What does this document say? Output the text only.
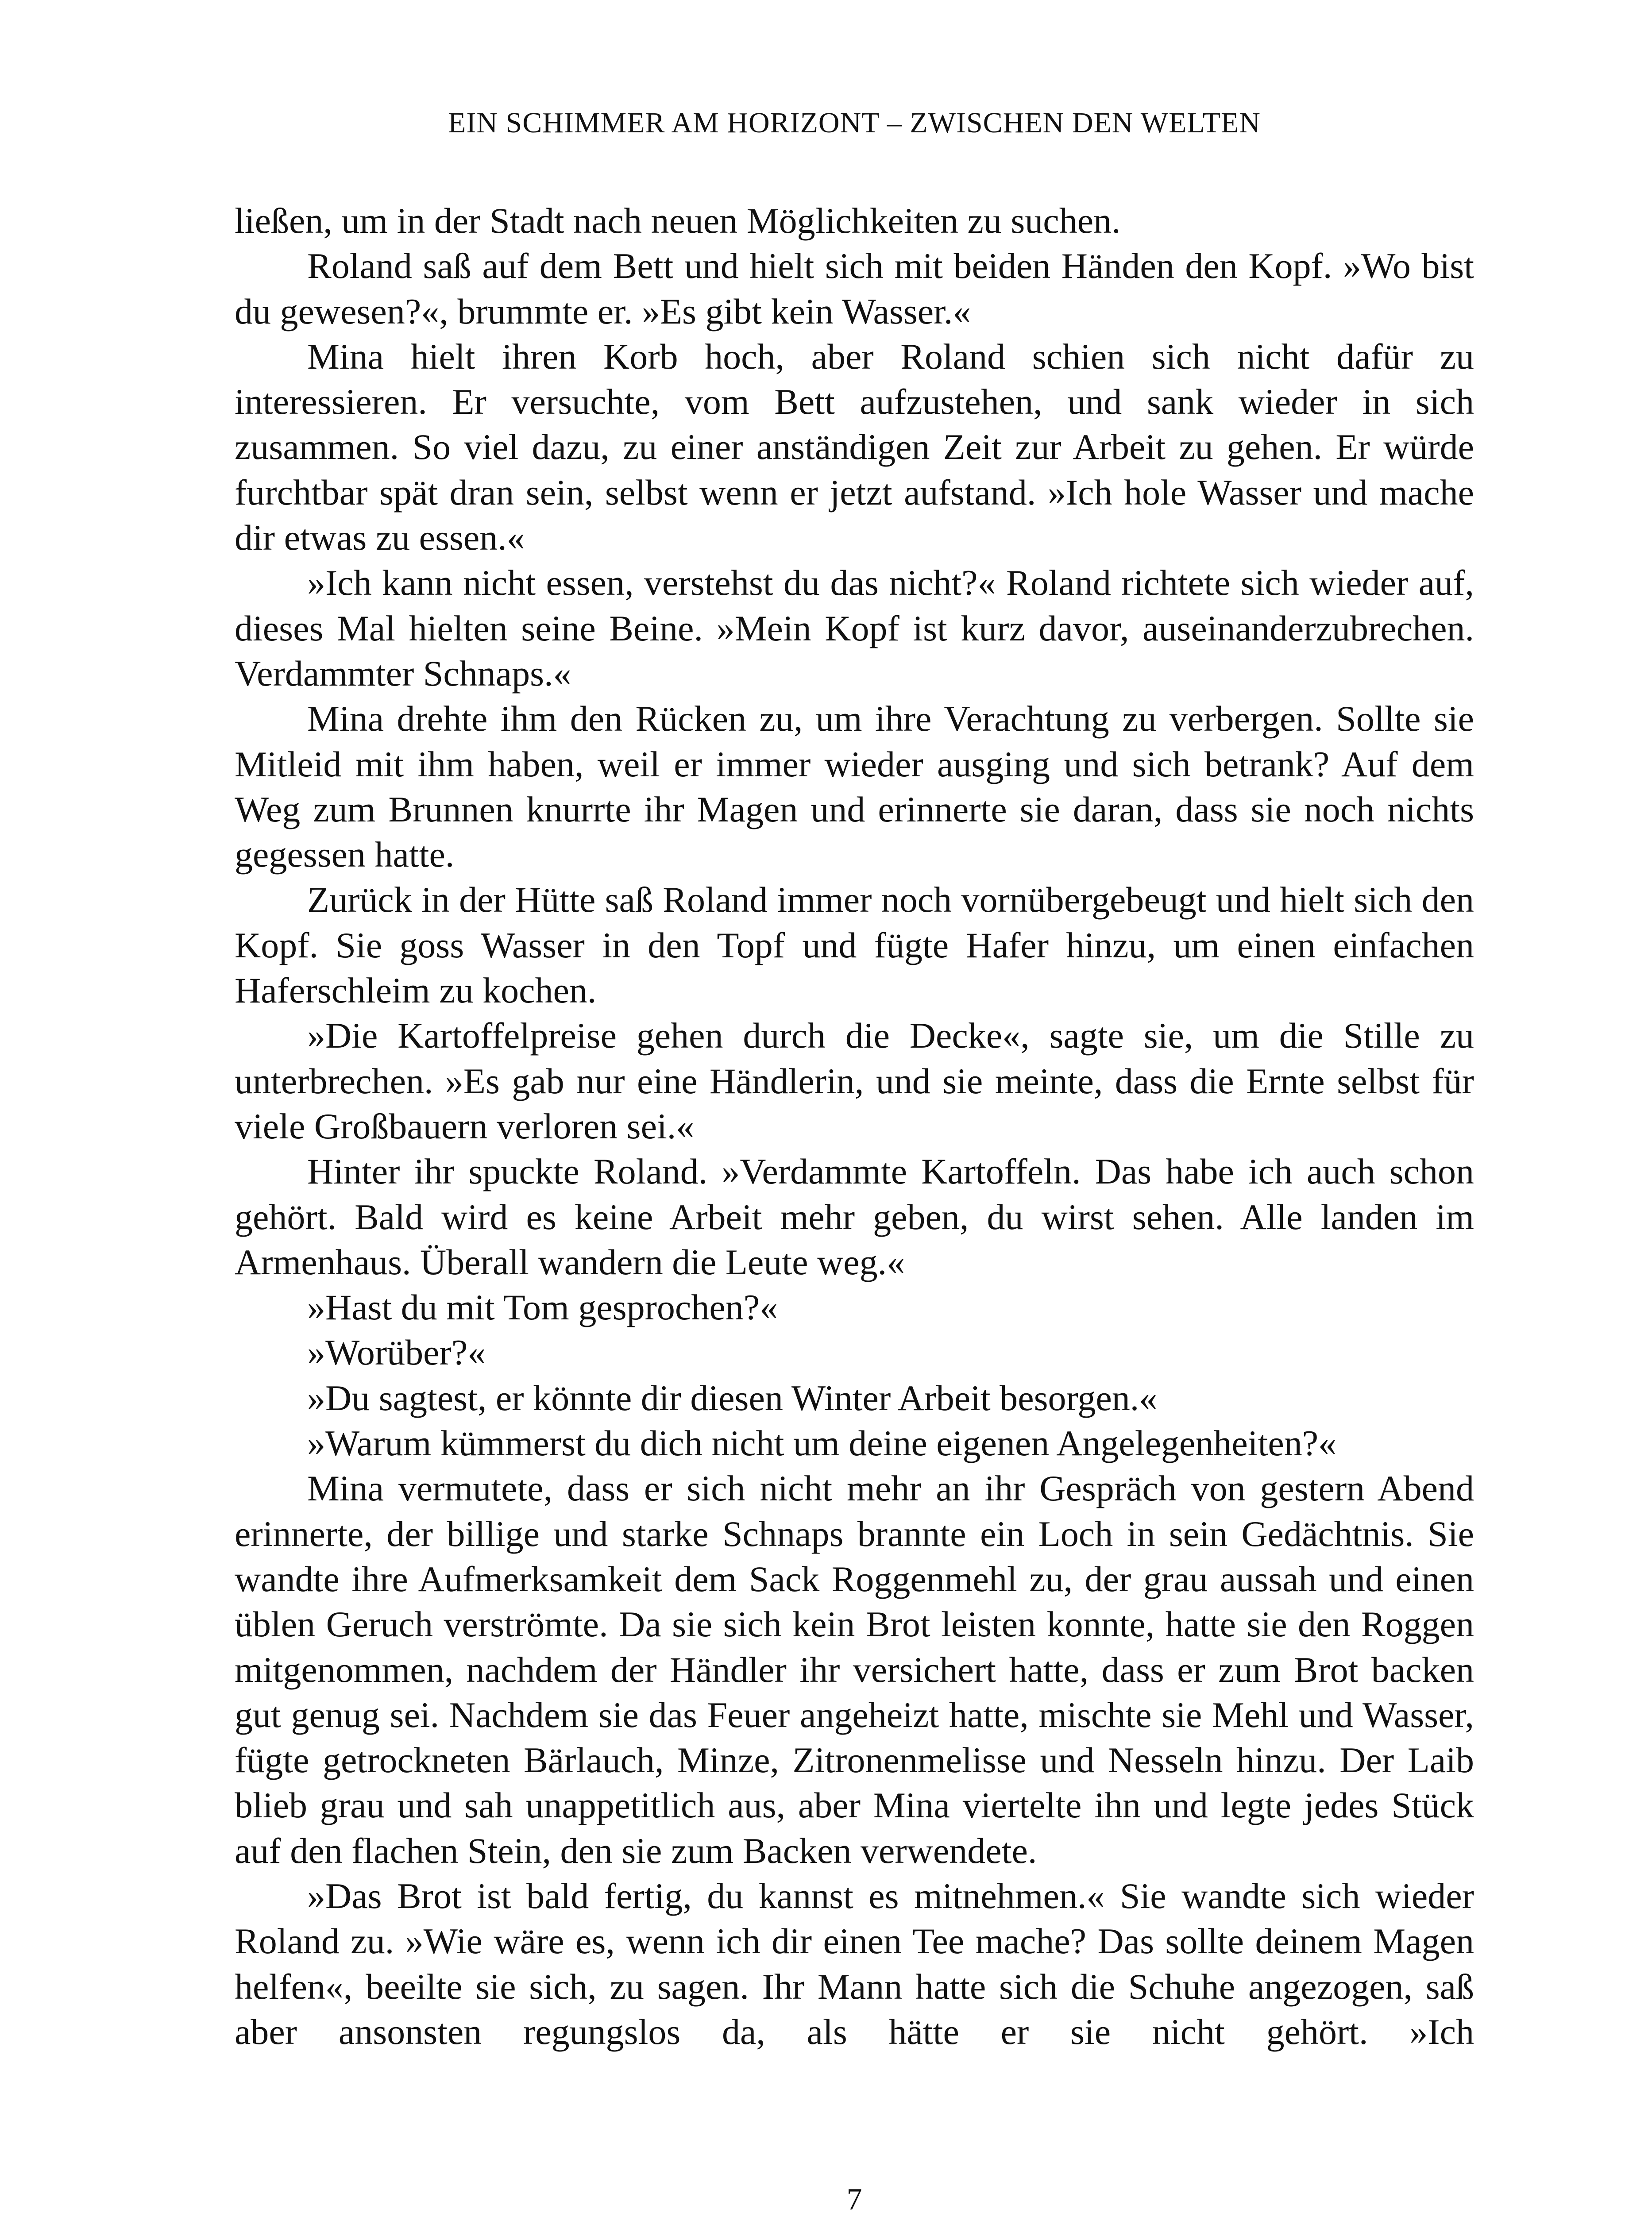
EIN SCHIMMER AM HORIZONT – ZWISCHEN DEN WELTEN

ließen, um in der Stadt nach neuen Möglichkeiten zu suchen.

Roland saß auf dem Bett und hielt sich mit beiden Händen den Kopf. »Wo bist du gewesen?«, brummte er. »Es gibt kein Wasser.«

Mina hielt ihren Korb hoch, aber Roland schien sich nicht dafür zu interessieren. Er versuchte, vom Bett aufzustehen, und sank wieder in sich zusammen. So viel dazu, zu einer anständigen Zeit zur Arbeit zu gehen. Er würde furchtbar spät dran sein, selbst wenn er jetzt aufstand. »Ich hole Wasser und mache dir etwas zu essen.«

»Ich kann nicht essen, verstehst du das nicht?« Roland richtete sich wieder auf, dieses Mal hielten seine Beine. »Mein Kopf ist kurz davor, auseinanderzubrechen. Verdammter Schnaps.«

Mina drehte ihm den Rücken zu, um ihre Verachtung zu verbergen. Sollte sie Mitleid mit ihm haben, weil er immer wieder ausging und sich betrank? Auf dem Weg zum Brunnen knurrte ihr Magen und erinnerte sie daran, dass sie noch nichts gegessen hatte.

Zurück in der Hütte saß Roland immer noch vornübergebeugt und hielt sich den Kopf. Sie goss Wasser in den Topf und fügte Hafer hinzu, um einen einfachen Haferschleim zu kochen.

»Die Kartoffelpreise gehen durch die Decke«, sagte sie, um die Stille zu unterbrechen. »Es gab nur eine Händlerin, und sie meinte, dass die Ernte selbst für viele Großbauern verloren sei.«

Hinter ihr spuckte Roland. »Verdammte Kartoffeln. Das habe ich auch schon gehört. Bald wird es keine Arbeit mehr geben, du wirst sehen. Alle landen im Armenhaus. Überall wandern die Leute weg.«

»Hast du mit Tom gesprochen?«

»Worüber?«

»Du sagtest, er könnte dir diesen Winter Arbeit besorgen.«

»Warum kümmerst du dich nicht um deine eigenen Angelegenheiten?«

Mina vermutete, dass er sich nicht mehr an ihr Gespräch von gestern Abend erinnerte, der billige und starke Schnaps brannte ein Loch in sein Gedächtnis. Sie wandte ihre Aufmerksamkeit dem Sack Roggenmehl zu, der grau aussah und einen üblen Geruch verströmte. Da sie sich kein Brot leisten konnte, hatte sie den Roggen mitgenommen, nachdem der Händler ihr versichert hatte, dass er zum Brot backen gut genug sei. Nachdem sie das Feuer angeheizt hatte, mischte sie Mehl und Wasser, fügte getrockneten Bärlauch, Minze, Zitronenmelisse und Nesseln hinzu. Der Laib blieb grau und sah unappetitlich aus, aber Mina viertelte ihn und legte jedes Stück auf den flachen Stein, den sie zum Backen verwendete.

»Das Brot ist bald fertig, du kannst es mitnehmen.« Sie wandte sich wieder Roland zu. »Wie wäre es, wenn ich dir einen Tee mache? Das sollte deinem Magen helfen«, beeilte sie sich, zu sagen. Ihr Mann hatte sich die Schuhe angezogen, saß aber ansonsten regungslos da, als hätte er sie nicht gehört. »Ich

7
